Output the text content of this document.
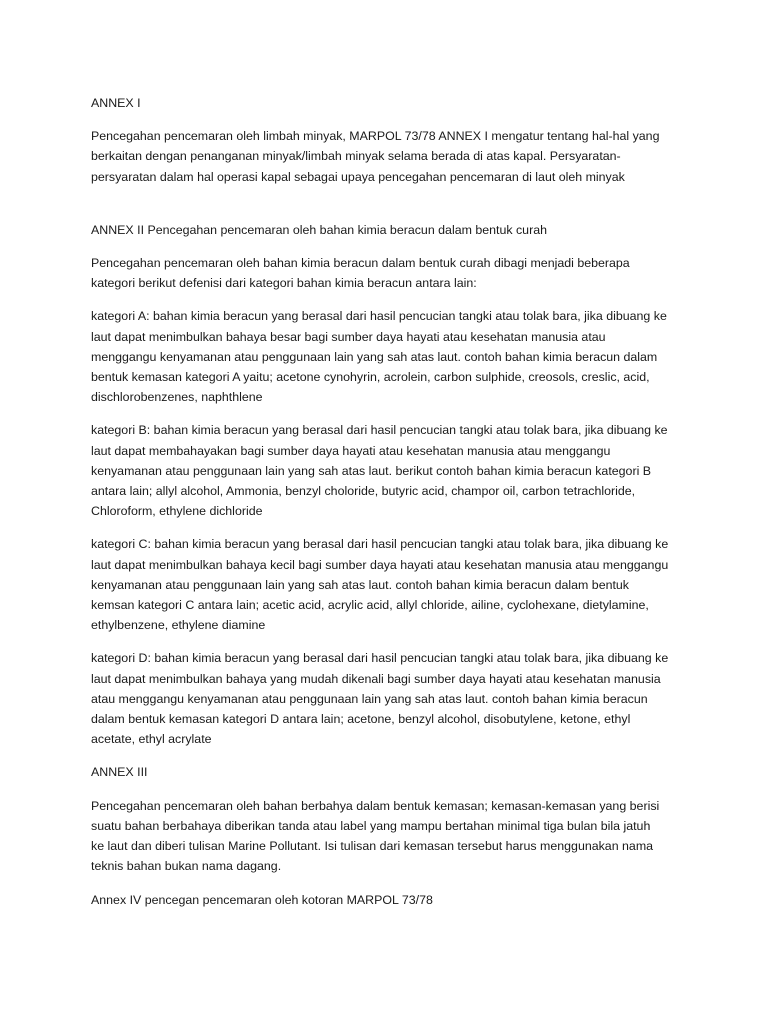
ANNEX I

Pencegahan pencemaran oleh limbah minyak, MARPOL 73/78 ANNEX I mengatur tentang hal-hal yang
berkaitan dengan penanganan minyak/limbah minyak selama berada di atas kapal. Persyaratan-
persyaratan dalam hal operasi kapal sebagai upaya pencegahan pencemaran di laut oleh minyak

ANNEX II Pencegahan pencemaran oleh bahan kimia beracun dalam bentuk curah

Pencegahan pencemaran oleh bahan kimia beracun dalam bentuk curah dibagi menjadi beberapa
kategori berikut defenisi dari kategori bahan kimia beracun antara lain:

kategori A: bahan kimia beracun yang berasal dari hasil pencucian tangki atau tolak bara, jika dibuang ke
laut dapat menimbulkan bahaya besar bagi sumber daya hayati atau kesehatan manusia atau
menggangu kenyamanan atau penggunaan lain yang sah atas laut. contoh bahan kimia beracun dalam
bentuk kemasan kategori A yaitu; acetone cynohyrin, acrolein, carbon sulphide, creosols, creslic, acid,
dischlorobenzenes, naphthlene

kategori B: bahan kimia beracun yang berasal dari hasil pencucian tangki atau tolak bara, jika dibuang ke
laut dapat membahayakan bagi sumber daya hayati atau kesehatan manusia atau menggangu
kenyamanan atau penggunaan lain yang sah atas laut. berikut contoh bahan kimia beracun kategori B
antara lain; allyl alcohol, Ammonia, benzyl choloride, butyric acid, champor oil, carbon tetrachloride,
Chloroform, ethylene dichloride

kategori C: bahan kimia beracun yang berasal dari hasil pencucian tangki atau tolak bara, jika dibuang ke
laut dapat menimbulkan bahaya kecil bagi sumber daya hayati atau kesehatan manusia atau menggangu
kenyamanan atau penggunaan lain yang sah atas laut. contoh bahan kimia beracun dalam bentuk
kemsan kategori C antara lain; acetic acid, acrylic acid, allyl chloride, ailine, cyclohexane, dietylamine,
ethylbenzene, ethylene diamine

kategori D: bahan kimia beracun yang berasal dari hasil pencucian tangki atau tolak bara, jika dibuang ke
laut dapat menimbulkan bahaya yang mudah dikenali bagi sumber daya hayati atau kesehatan manusia
atau menggangu kenyamanan atau penggunaan lain yang sah atas laut. contoh bahan kimia beracun
dalam bentuk kemasan kategori D antara lain; acetone, benzyl alcohol, disobutylene, ketone, ethyl
acetate, ethyl acrylate

ANNEX III

Pencegahan pencemaran oleh bahan berbahya dalam bentuk kemasan; kemasan-kemasan yang berisi
suatu bahan berbahaya diberikan tanda atau label yang mampu bertahan minimal tiga bulan bila jatuh
ke laut dan diberi tulisan Marine Pollutant. Isi tulisan dari kemasan tersebut harus menggunakan nama
teknis bahan bukan nama dagang.

Annex IV pencegan pencemaran oleh kotoran MARPOL 73/78
